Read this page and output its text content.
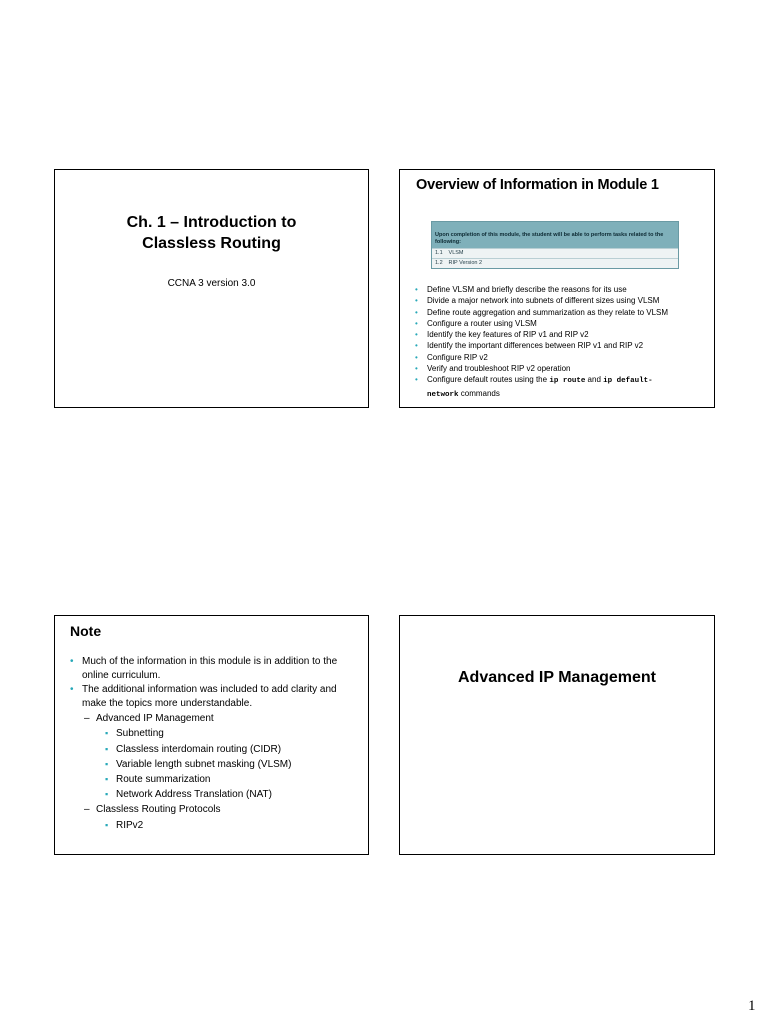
Ch. 1 – Introduction to
Classless Routing
CCNA 3 version 3.0
Overview of Information in Module 1
Upon completion of this module, the student will be able to perform tasks related to the following:
1.1 VLSM
1.2 RIP Version 2
• Define VLSM and briefly describe the reasons for its use
• Divide a major network into subnets of different sizes using VLSM
• Define route aggregation and summarization as they relate to VLSM
• Configure a router using VLSM
• Identify the key features of RIP v1 and RIP v2
• Identify the important differences between RIP v1 and RIP v2
• Configure RIP v2
• Verify and troubleshoot RIP v2 operation
• Configure default routes using the ip route and ip default-
network commands
Note
• Much of the information in this module is in addition to the online curriculum.
• The additional information was included to add clarity and make the topics more understandable.
– Advanced IP Management
▪ Subnetting
▪ Classless interdomain routing (CIDR)
▪ Variable length subnet masking (VLSM)
▪ Route summarization
▪ Network Address Translation (NAT)
– Classless Routing Protocols
▪ RIPv2
Advanced IP Management
1
